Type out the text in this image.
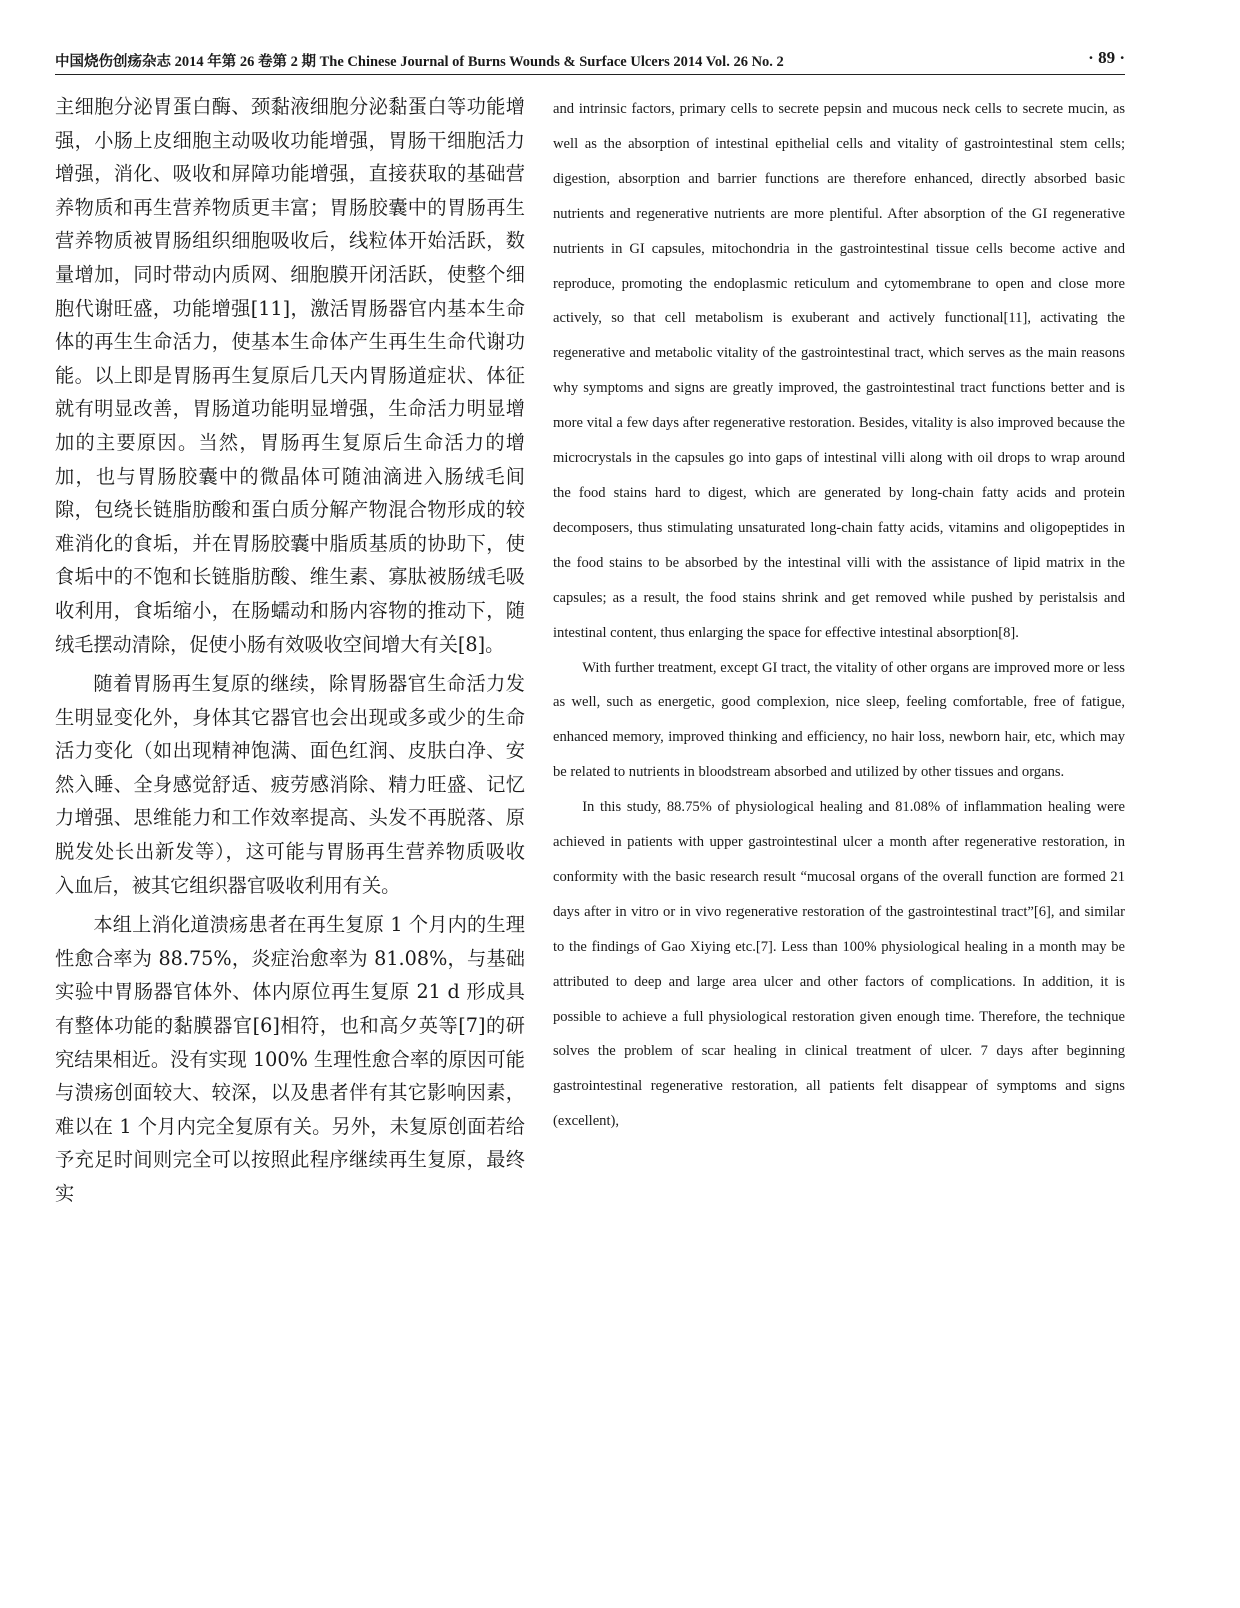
中国烧伤创疡杂志 2014 年第 26 卷第 2 期 The Chinese Journal of Burns Wounds & Surface Ulcers 2014 Vol. 26 No. 2	· 89 ·

主细胞分泌胃蛋白酶、颈黏液细胞分泌黏蛋白等功能增强，小肠上皮细胞主动吸收功能增强，胃肠干细胞活力增强，消化、吸收和屏障功能增强，直接获取的基础营养物质和再生营养物质更丰富；胃肠胶囊中的胃肠再生营养物质被胃肠组织细胞吸收后，线粒体开始活跃，数量增加，同时带动内质网、细胞膜开闭活跃，使整个细胞代谢旺盛，功能增强[11]，激活胃肠器官内基本生命体的再生生命活力，使基本生命体产生再生生命代谢功能。以上即是胃肠再生复原后几天内胃肠道症状、体征就有明显改善，胃肠道功能明显增强，生命活力明显增加的主要原因。当然，胃肠再生复原后生命活力的增加，也与胃肠胶囊中的微晶体可随油滴进入肠绒毛间隙，包绕长链脂肪酸和蛋白质分解产物混合物形成的较难消化的食垢，并在胃肠胶囊中脂质基质的协助下，使食垢中的不饱和长链脂肪酸、维生素、寡肽被肠绒毛吸收利用，食垢缩小，在肠蠕动和肠内容物的推动下，随绒毛摆动清除，促使小肠有效吸收空间增大有关[8]。

随着胃肠再生复原的继续，除胃肠器官生命活力发生明显变化外，身体其它器官也会出现或多或少的生命活力变化（如出现精神饱满、面色红润、皮肤白净、安然入睡、全身感觉舒适、疲劳感消除、精力旺盛、记忆力增强、思维能力和工作效率提高、头发不再脱落、原脱发处长出新发等），这可能与胃肠再生营养物质吸收入血后，被其它组织器官吸收利用有关。

本组上消化道溃疡患者在再生复原 1 个月内的生理性愈合率为 88.75%，炎症治愈率为 81.08%，与基础实验中胃肠器官体外、体内原位再生复原 21 d 形成具有整体功能的黏膜器官[6]相符，也和高夕英等[7]的研究结果相近。没有实现 100% 生理性愈合率的原因可能与溃疡创面较大、较深，以及患者伴有其它影响因素，难以在 1 个月内完全复原有关。另外，未复原创面若给予充足时间则完全可以按照此程序继续再生复原，最终实

and intrinsic factors, primary cells to secrete pepsin and mucous neck cells to secrete mucin, as well as the absorption of intestinal epithelial cells and vitality of gastrointestinal stem cells; digestion, absorption and barrier functions are therefore enhanced, directly absorbed basic nutrients and regenerative nutrients are more plentiful. After absorption of the GI regenerative nutrients in GI capsules, mitochondria in the gastrointestinal tissue cells become active and reproduce, promoting the endoplasmic reticulum and cytomembrane to open and close more actively, so that cell metabolism is exuberant and actively functional[11], activating the regenerative and metabolic vitality of the gastrointestinal tract, which serves as the main reasons why symptoms and signs are greatly improved, the gastrointestinal tract functions better and is more vital a few days after regenerative restoration. Besides, vitality is also improved because the microcrystals in the capsules go into gaps of intestinal villi along with oil drops to wrap around the food stains hard to digest, which are generated by long-chain fatty acids and protein decomposers, thus stimulating unsaturated long-chain fatty acids, vitamins and oligopeptides in the food stains to be absorbed by the intestinal villi with the assistance of lipid matrix in the capsules; as a result, the food stains shrink and get removed while pushed by peristalsis and intestinal content, thus enlarging the space for effective intestinal absorption[8].

With further treatment, except GI tract, the vitality of other organs are improved more or less as well, such as energetic, good complexion, nice sleep, feeling comfortable, free of fatigue, enhanced memory, improved thinking and efficiency, no hair loss, newborn hair, etc, which may be related to nutrients in bloodstream absorbed and utilized by other tissues and organs.

In this study, 88.75% of physiological healing and 81.08% of inflammation healing were achieved in patients with upper gastrointestinal ulcer a month after regenerative restoration, in conformity with the basic research result “mucosal organs of the overall function are formed 21 days after in vitro or in vivo regenerative restoration of the gastrointestinal tract”[6], and similar to the findings of Gao Xiying etc.[7]. Less than 100% physiological healing in a month may be attributed to deep and large area ulcer and other factors of complications. In addition, it is possible to achieve a full physiological restoration given enough time. Therefore, the technique solves the problem of scar healing in clinical treatment of ulcer. 7 days after beginning gastrointestinal regenerative restoration, all patients felt disappear of symptoms and signs (excellent),
